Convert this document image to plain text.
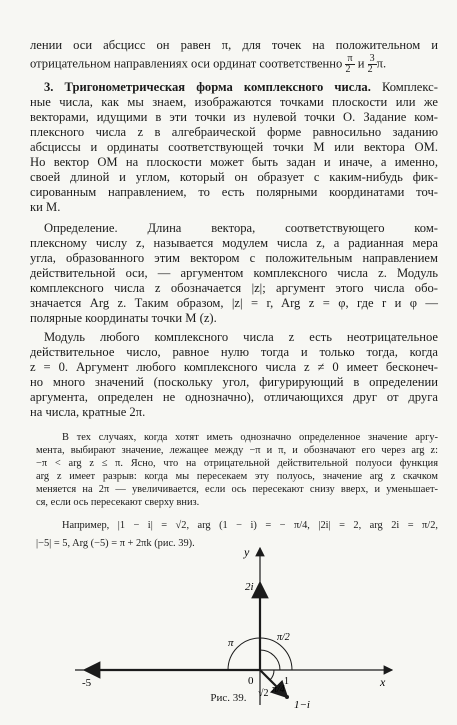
лении оси абсцисс он равен π, для точек на положительном и
отрицательном направлениях оси ординат соответственно $\frac{\pi}{2}$ и $\frac{3}{2} \pi$.
3. Тригонометрическая форма комплексного числа. Комплекс-
ные числа, как мы знаем, изображаются точками плоскости или же
векторами, идущими в эти точки из нулевой точки O. Задание ком-
плексного числа z в алгебраической форме равносильно заданию
абсциссы и ординаты соответствующей точки M или вектора OM.
Но вектор OM на плоскости может быть задан и иначе, а именно,
своей длиной и углом, который он образует с каким-нибудь фик-
сированным направлением, то есть полярными координатами точ-
ки M.
Определение. Длина вектора, соответствующего ком-
плексному числу z, называется модулем числа z, а радианная мера
угла, образованного этим вектором с положительным направлением
действительной оси, — аргументом комплексного числа z. Модуль
комплексного числа z обозначается |z|; аргумент этого числа обо-
значается Arg z. Таким образом, |z| = r, Arg z = φ, где r и φ —
полярные координаты точки M (z).
Модуль любого комплексного числа z есть неотрицательное
действительное число, равное нулю тогда и только тогда, когда
z = 0. Аргумент любого комплексного числа z ≠ 0 имеет бесконеч-
но много значений (поскольку угол, фигурирующий в определении
аргумента, определен не однозначно), отличающихся друг от друга
на числа, кратные 2π.
В тех случаях, когда хотят иметь однозначно определенное значение аргу-
мента, выбирают значение, лежащее между −π и π, и обозначают его через arg z:
−π < arg z ≤ π. Ясно, что на отрицательной действительной полуоси функция
arg z имеет разрыв: когда мы пересекаем эту полуось, значение arg z скачком
меняется на 2π — увеличивается, если ось пересекают снизу вверх, и уменьшает-
ся, если ось пересекают сверху вниз.
Например, |1 − i| = √2, arg (1 − i) = − π/4, |2i| = 2, arg 2i = π/2,
|−5| = 5, Arg (−5) = π + 2πk (рис. 39).
y
x
-5	0
2i
1
π	π/2
π/4
√2
1−i
Рис. 39.
